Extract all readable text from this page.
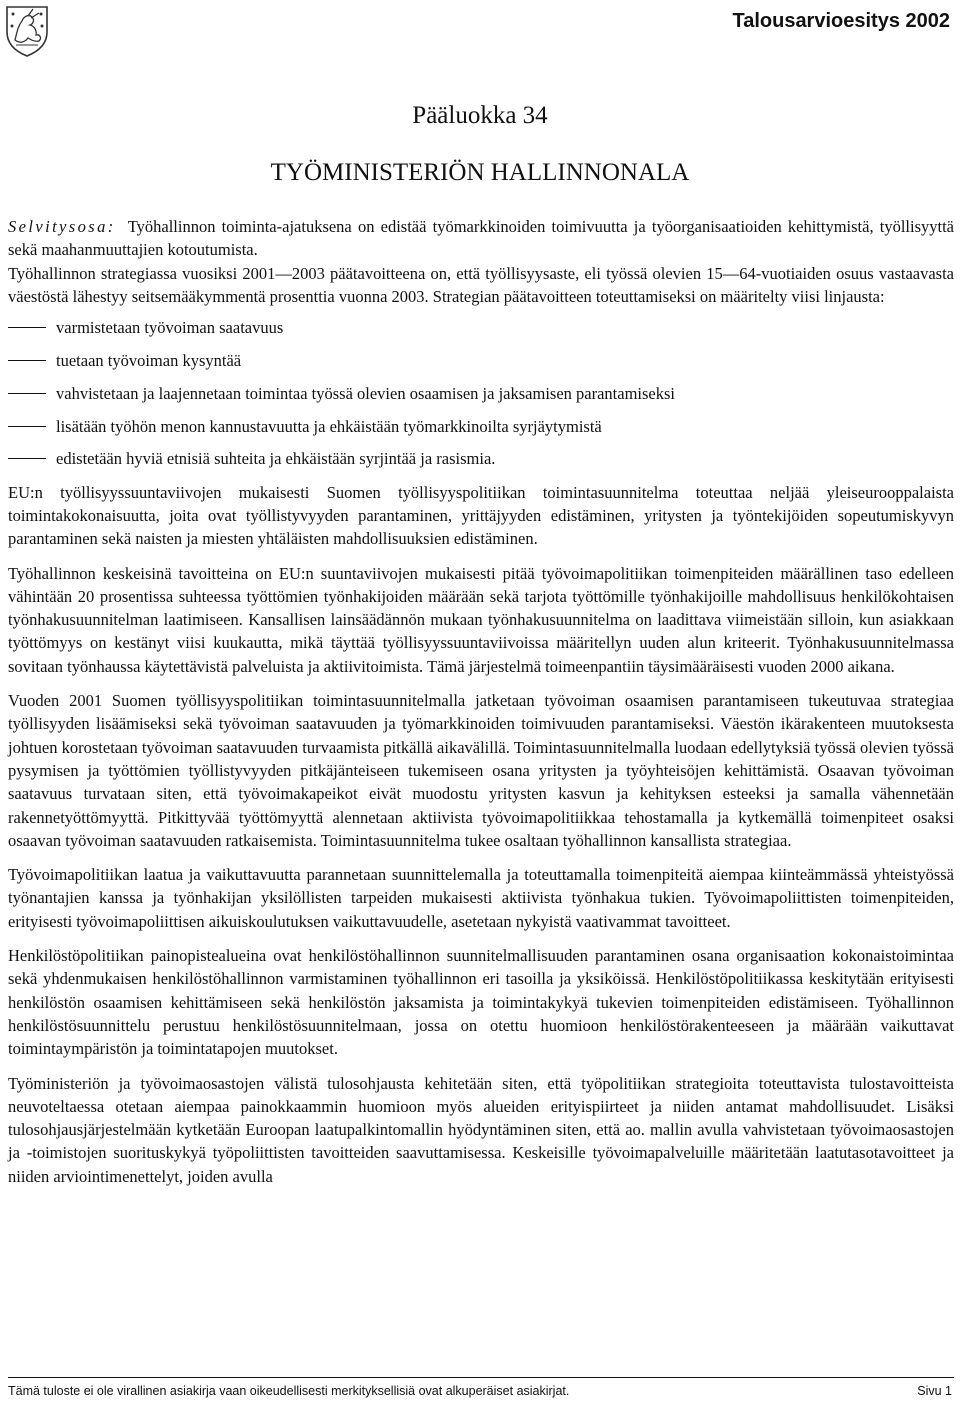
Talousarvioesitys 2002
Pääluokka 34
TYÖMINISTERIÖN HALLINNONALA

Selvitysosa: Työhallinnon toiminta-ajatuksena on edistää työmarkkinoiden toimivuutta ja työorganisaatioiden kehittymistä, työllisyyttä sekä maahanmuuttajien kotoutumista.

Työhallinnon strategiassa vuosiksi 2001—2003 päätavoitteena on, että työllisyysaste, eli työssä olevien 15—64-vuotiaiden osuus vastaavasta väestöstä lähestyy seitsemääkymmentä prosenttia vuonna 2003. Strategian päätavoitteen toteuttamiseksi on määritelty viisi linjausta:

varmistetaan työvoiman saatavuus
tuetaan työvoiman kysyntää
vahvistetaan ja laajennetaan toimintaa työssä olevien osaamisen ja jaksamisen parantamiseksi
lisätään työhön menon kannustavuutta ja ehkäistään työmarkkinoilta syrjäytymistä
edistetään hyviä etnisiä suhteita ja ehkäistään syrjintää ja rasismia.

EU:n työllisyyssuuntaviivojen mukaisesti Suomen työllisyyspolitiikan toimintasuunnitelma toteuttaa neljää yleiseurooppalaista toimintakokonaisuutta, joita ovat työllistyvyyden parantaminen, yrittäjyyden edistäminen, yritysten ja työntekijöiden sopeutumiskyvyn parantaminen sekä naisten ja miesten yhtäläisten mahdollisuuksien edistäminen.

Työhallinnon keskeisinä tavoitteina on EU:n suuntaviivojen mukaisesti pitää työvoimapolitiikan toimenpiteiden määrällinen taso edelleen vähintään 20 prosentissa suhteessa työttömien työnhakijoiden määrään sekä tarjota työttömille työnhakijoille mahdollisuus henkilökohtaisen työnhakusuunnitelman laatimiseen. Kansallisen lainsäädännön mukaan työnhakusuunnitelma on laadittava viimeistään silloin, kun asiakkaan työttömyys on kestänyt viisi kuukautta, mikä täyttää työllisyyssuuntaviivoissa määritellyn uuden alun kriteerit. Työnhakusuunnitelmassa sovitaan työnhaussa käytettävistä palveluista ja aktiivitoimista. Tämä järjestelmä toimeenpantiin täysimääräisesti vuoden 2000 aikana.

Vuoden 2001 Suomen työllisyyspolitiikan toimintasuunnitelmalla jatketaan työvoiman osaamisen parantamiseen tukeutuvaa strategiaa työllisyyden lisäämiseksi sekä työvoiman saatavuuden ja työmarkkinoiden toimivuuden parantamiseksi. Väestön ikärakenteen muutoksesta johtuen korostetaan työvoiman saatavuuden turvaamista pitkällä aikavälillä. Toimintasuunnitelmalla luodaan edellytyksiä työssä olevien työssä pysymisen ja työttömien työllistyvyyden pitkäjänteiseen tukemiseen osana yritysten ja työyhteisöjen kehittämistä. Osaavan työvoiman saatavuus turvataan siten, että työvoimakapeikot eivät muodostu yritysten kasvun ja kehityksen esteeksi ja samalla vähennetään rakennetyöttömyyttä. Pitkittyvää työttömyyttä alennetaan aktiivista työvoimapolitiikkaa tehostamalla ja kytkemällä toimenpiteet osaksi osaavan työvoiman saatavuuden ratkaisemista. Toimintasuunnitelma tukee osaltaan työhallinnon kansallista strategiaa.

Työvoimapolitiikan laatua ja vaikuttavuutta parannetaan suunnittelemalla ja toteuttamalla toimenpiteitä aiempaa kiinteämmässä yhteistyössä työnantajien kanssa ja työnhakijan yksilöllisten tarpeiden mukaisesti aktiivista työnhakua tukien. Työvoimapoliittisten toimenpiteiden, erityisesti työvoimapoliittisen aikuiskoulutuksen vaikuttavuudelle, asetetaan nykyistä vaativammat tavoitteet.

Henkilöstöpolitiikan painopistealueina ovat henkilöstöhallinnon suunnitelmallisuuden parantaminen osana organisaation kokonaistoimintaa sekä yhdenmukaisen henkilöstöhallinnon varmistaminen työhallinnon eri tasoilla ja yksiköissä. Henkilöstöpolitiikassa keskitytään erityisesti henkilöstön osaamisen kehittämiseen sekä henkilöstön jaksamista ja toimintakykyä tukevien toimenpiteiden edistämiseen. Työhallinnon henkilöstösuunnittelu perustuu henkilöstösuunnitelmaan, jossa on otettu huomioon henkilöstörakenteeseen ja määrään vaikuttavat toimintaympäristön ja toimintatapojen muutokset.

Työministeriön ja työvoimaosastojen välistä tulosohjausta kehitetään siten, että työpolitiikan strategioita toteuttavista tulostavoitteista neuvoteltaessa otetaan aiempaa painokkaammin huomioon myös alueiden erityispiirteet ja niiden antamat mahdollisuudet. Lisäksi tulosohjausjärjestelmään kytketään Euroopan laatupalkintomallin hyödyntäminen siten, että ao. mallin avulla vahvistetaan työvoimaosastojen ja -toimistojen suorituskykyä työpoliittisten tavoitteiden saavuttamisessa. Keskeisille työvoimapalveluille määritetään laatutasotavoitteet ja niiden arviointimenettelyt, joiden avulla

Tämä tuloste ei ole virallinen asiakirja vaan oikeudellisesti merkityksellisiä ovat alkuperäiset asiakirjat.	Sivu 1
